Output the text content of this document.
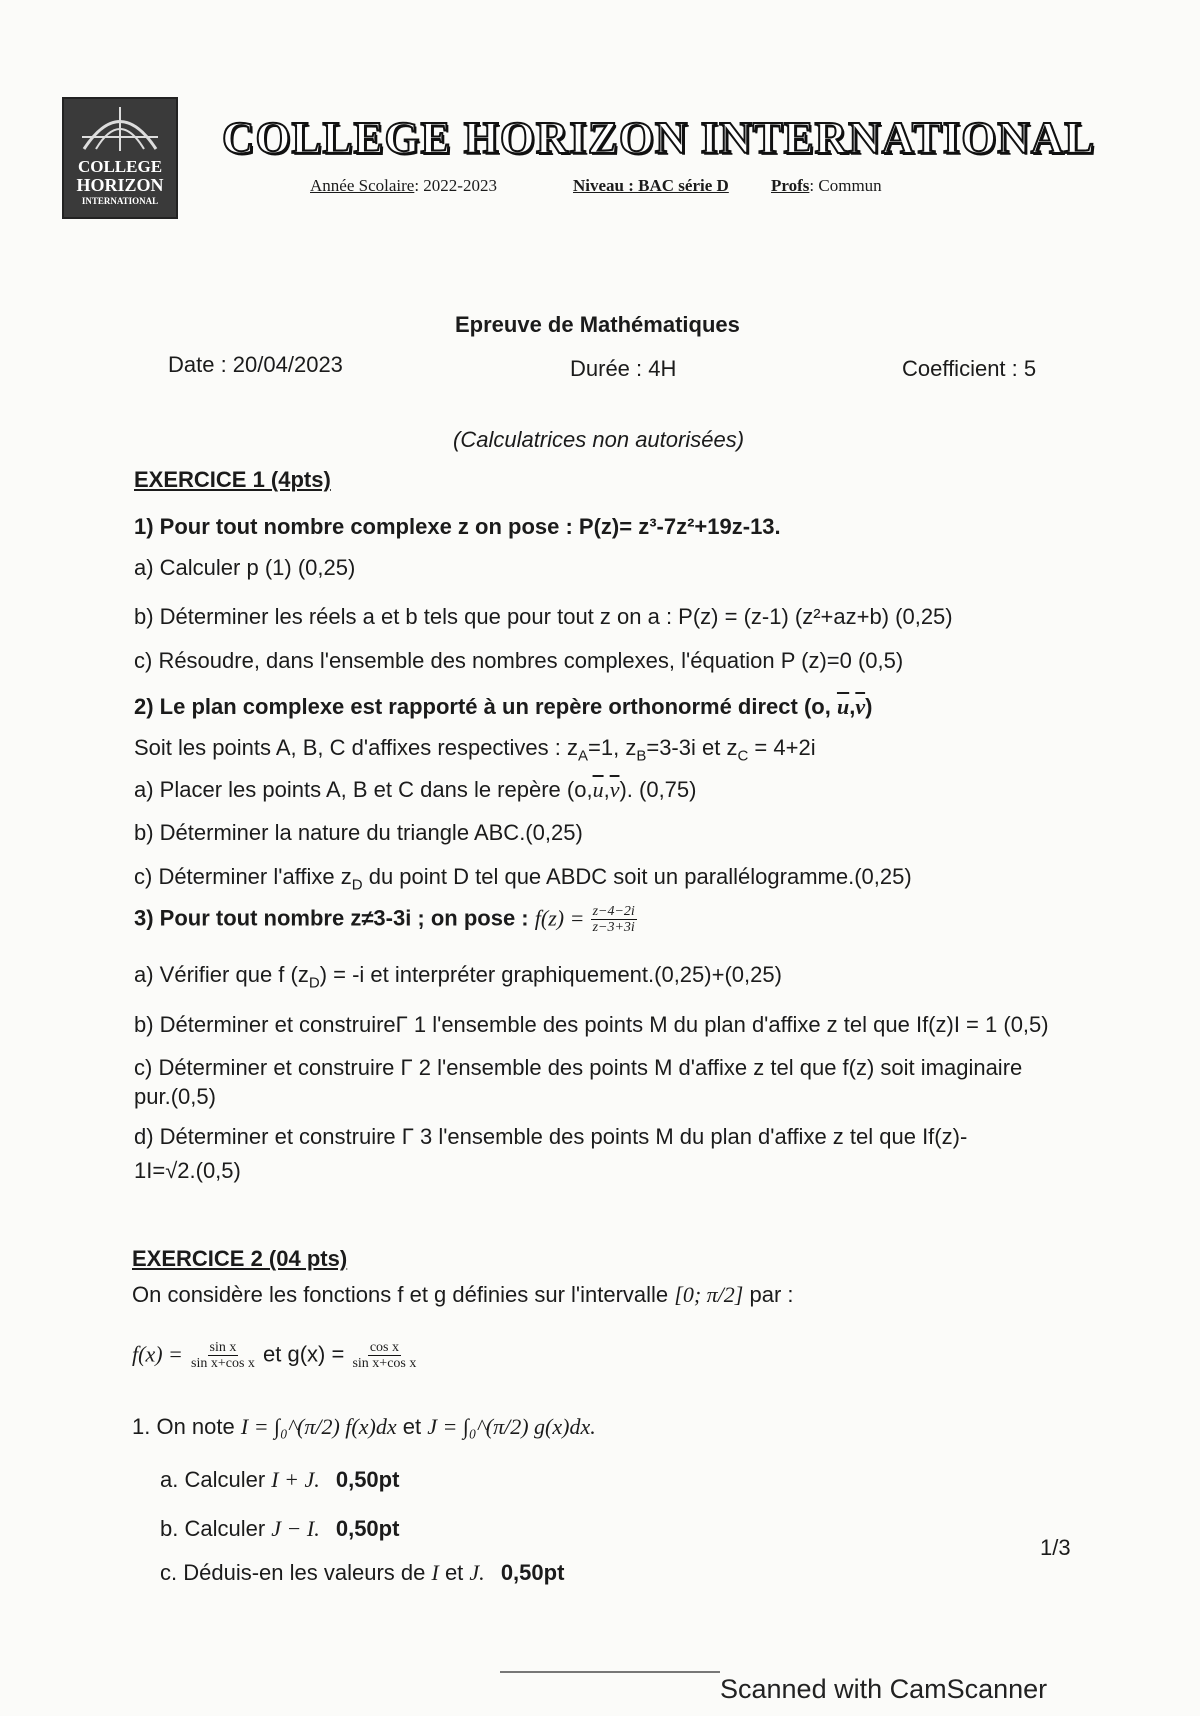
COLLEGE
HORIZON
INTERNATIONAL
COLLEGE HORIZON INTERNATIONAL
Année Scolaire: 2022-2023	Niveau : BAC série D Profs: Commun
Epreuve de Mathématiques
Date : 20/04/2023	Durée : 4H	Coefficient : 5
(Calculatrices non autorisées)
EXERCICE 1 (4pts)
1) Pour tout nombre complexe z on pose : P(z)= z³-7z²+19z-13.
a) Calculer p (1) (0,25)
b) Déterminer les réels a et b tels que pour tout z on a : P(z) = (z-1) (z²+az+b) (0,25)
c) Résoudre, dans l'ensemble des nombres complexes, l'équation P (z)=0 (0,5)
2) Le plan complexe est rapporté à un repère orthonormé direct (o, $\overline{u},\overline{v}$)
Soit les points A, B, C d'affixes respectives : $z_A=1$, $z_B=3-3i$ et $z_C = 4+2i$
a) Placer les points A, B et C dans le repère $(o,\overline{u},\overline{v})$. (0,75)
b) Déterminer la nature du triangle ABC.(0,25)
c) Déterminer l'affixe $z_D$ du point D tel que ABDC soit un parallélogramme.(0,25)
3) Pour tout nombre z≠3-3i ; on pose : $f(z) = \frac{z-4-2i}{z-3+3i}$
a) Vérifier que f $(z_D) = -i$ et interpréter graphiquement.(0,25)+(0,25)
b) Déterminer et construireΓ 1 l'ensemble des points M du plan d'affixe z tel que If(z)I = 1 (0,5)
c) Déterminer et construire Γ 2 l'ensemble des points M d'affixe z tel que f(z) soit imaginaire
pur.(0,5)
d) Déterminer et construire Γ 3 l'ensemble des points M du plan d'affixe z tel que If(z)-
1I=√2.(0,5)
EXERCICE 2 (04 pts)
On considère les fonctions f et g définies sur l'intervalle [0; π/2] par :
$f(x) = \frac{\text{sin x}}{\text{sin x+cos x}}$ et $g(x) = \frac{\text{cos x}}{\text{sin x+cos x}}$
1. On note I = ∫₀^(π/2) f(x)dx et J = ∫₀^(π/2) g(x)dx.
a. Calculer I + J. 0,50pt
b. Calculer J − I. 0,50pt
c. Déduis-en les valeurs de I et J. 0,50pt
1/3
Scanned with CamScanner
